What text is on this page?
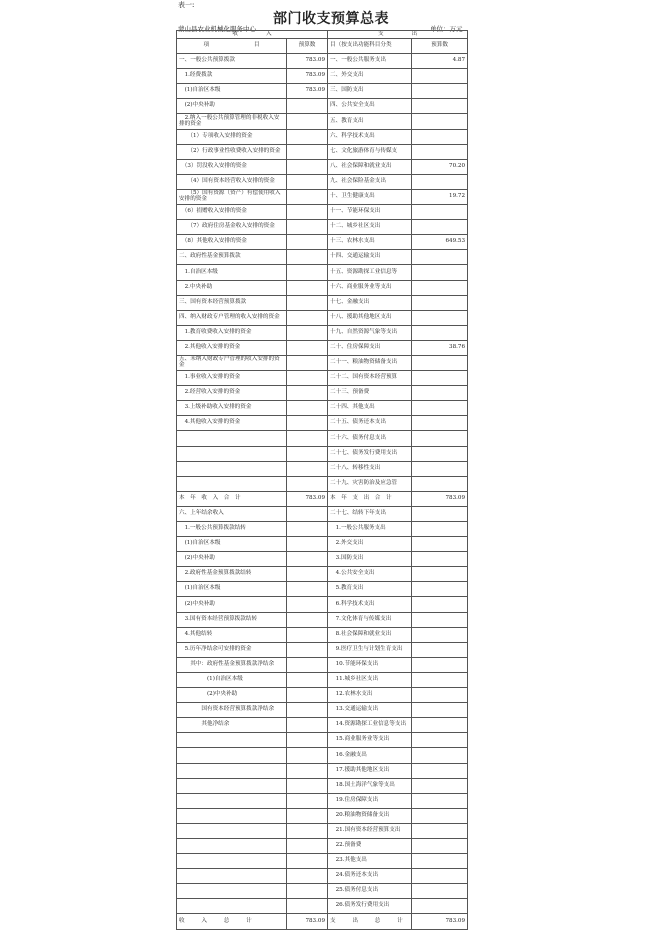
表一:
部门收支预算总表
蒙山县农业机械化服务中心	单位：万元
收　　　　　入		支　　　　　出	
项　　　　　　　　目	预算数	目（按支出功能科目分类	预算数
一、一般公共预算拨款	783.09	一、一般公共服务支出	4.87
　1.经费拨款	783.09	二、外交支出	
　(1)自治区本级	783.09	三、国防支出	
　(2)中央补助		四、公共安全支出	
　2.纳入一般公共预算管理的非税收入安排的资金		五、教育支出	
　　（1）专项收入安排的资金		六、科学技术支出	
　　（2）行政事业性收费收入安排的资金		七、文化旅游体育与传媒支	
　（3）罚没收入安排的资金		八、社会保障和就业支出	70.20
　　（4）国有资本经营收入安排的资金		九、社会保险基金支出	
　　（5）国有资源（资产）有偿使用收入安排的资金		十、卫生健康支出	19.72
　（6）捐赠收入安排的资金		十一、节能环保支出	
　　（7）政府住房基金收入安排的资金		十二、城乡社区支出	
　（8）其他收入安排的资金		十三、农林水支出	649.53
二、政府性基金预算拨款		十四、交通运输支出	
　1.自治区本级		十五、资源勘探工业信息等	
　2.中央补助		十六、商业服务业等支出	
三、国有资本经营预算拨款		十七、金融支出	
四、纳入财政专户管理的收入安排的资金		十八、援助其他地区支出	
　1.教育收费收入安排的资金		十九、自然资源气象等支出	
　2.其他收入安排的资金		二十、住房保障支出	38.76
五、未纳入财政专户管理的收入安排的资金		二十一、粮油物资储备支出	
　1.事业收入安排的资金		二十二、国有资本经营预算	
　2.经营收入安排的资金		二十三、预备费	
　3.上级补助收入安排的资金		二十四、其他支出	
　4.其他收入安排的资金		二十五、债务还本支出	
		二十六、债务付息支出	
		二十七、债务发行费用支出	
		二十八、转移性支出	
		二十九、灾害防治及应急管	
本　年　收　入　合　计	783.09	本　年　支　出　合　计	783.09
六、上年结余收入		二十七、结转下年支出	
　1.一般公共预算拨款结转		　1.一般公共服务支出	
　(1)自治区本级		　2.外交支出	
　(2)中央补助		　3.国防支出	
　2.政府性基金预算拨款结转		　4.公共安全支出	
　(1)自治区本级		　5.教育支出	
　(2)中央补助		　6.科学技术支出	
　3.国有资本经营预算拨款结转		　7.文化体育与传媒支出	
　4.其他结转		　8.社会保障和就业支出	
　5.历年净结余可安排的资金		　9.医疗卫生与计划生育支出	
　　其中：政府性基金预算拨款净结余		　10.节能环保支出	
　　　　　(1)自治区本级		　11.城乡社区支出	
　　　　　(2)中央补助		　12.农林水支出	
　　　　国有资本经营预算拨款净结余		　13.交通运输支出	
　　　　其他净结余		　14.资源勘探工业信息等支出	
		　15.商业服务业等支出	
		　16.金融支出	
		　17.援助其他地区支出	
		　18.国土海洋气象等支出	
		　19.住房保障支出	
		　20.粮油物资储备支出	
		　21.国有资本经营预算支出	
		　22.预备费	
		　23.其他支出	
		　24.债务还本支出	
		　25.债务付息支出	
		　26.债务发行费用支出	
收　　　入　　　总　　　计	783.09	支　　　出　　　总　　　计	783.09
